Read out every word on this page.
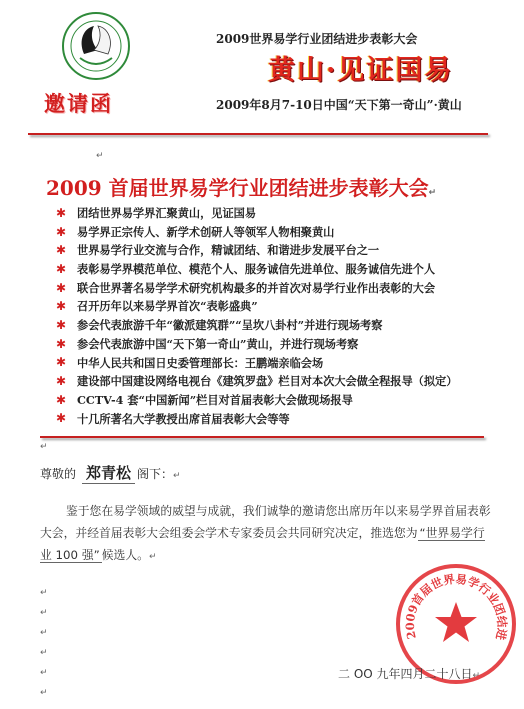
邀请函
2009世界易学行业团结进步表彰大会
黄山·见证国易
2009年8月7-10日中国“天下第一奇山”·黄山
↵
2009 首届世界易学行业团结进步表彰大会↵
✱ 团结世界易学界汇聚黄山，见证国易
✱ 易学界正宗传人、新学术创研人等领军人物相聚黄山
✱ 世界易学行业交流与合作，精诚团结、和谐进步发展平台之一
✱ 表彰易学界模范单位、模范个人、服务诚信先进单位、服务诚信先进个人
✱ 联合世界著名易学学术研究机构最多的并首次对易学行业作出表彰的大会
✱ 召开历年以来易学界首次“表彰盛典”
✱ 参会代表旅游千年“徽派建筑群”“呈坎八卦村”并进行现场考察
✱ 参会代表旅游中国“天下第一奇山”黄山，并进行现场考察
✱ 中华人民共和国日史委管理部长：王鹏端亲临会场
✱ 建设部中国建设网络电视台《建筑罗盘》栏目对本次大会做全程报导（拟定）
✱ CCTV-4 套“中国新闻”栏目对首届表彰大会做现场报导
✱ 十几所著名大学教授出席首届表彰大会等等
↵
尊敬的 郑青松 阁下： ↵

鉴于您在易学领域的威望与成就，我们诚挚的邀请您出席历年以来易学界首届表彰大会，并经首届表彰大会组委会学术专家委员会共同研究决定，推选您为 “世界易学行业 100 强” 候选人。↵

↵
↵
↵
↵
↵
↵
2009首届世界易学行业团结进
二 OO 九年四月二十八日↵
